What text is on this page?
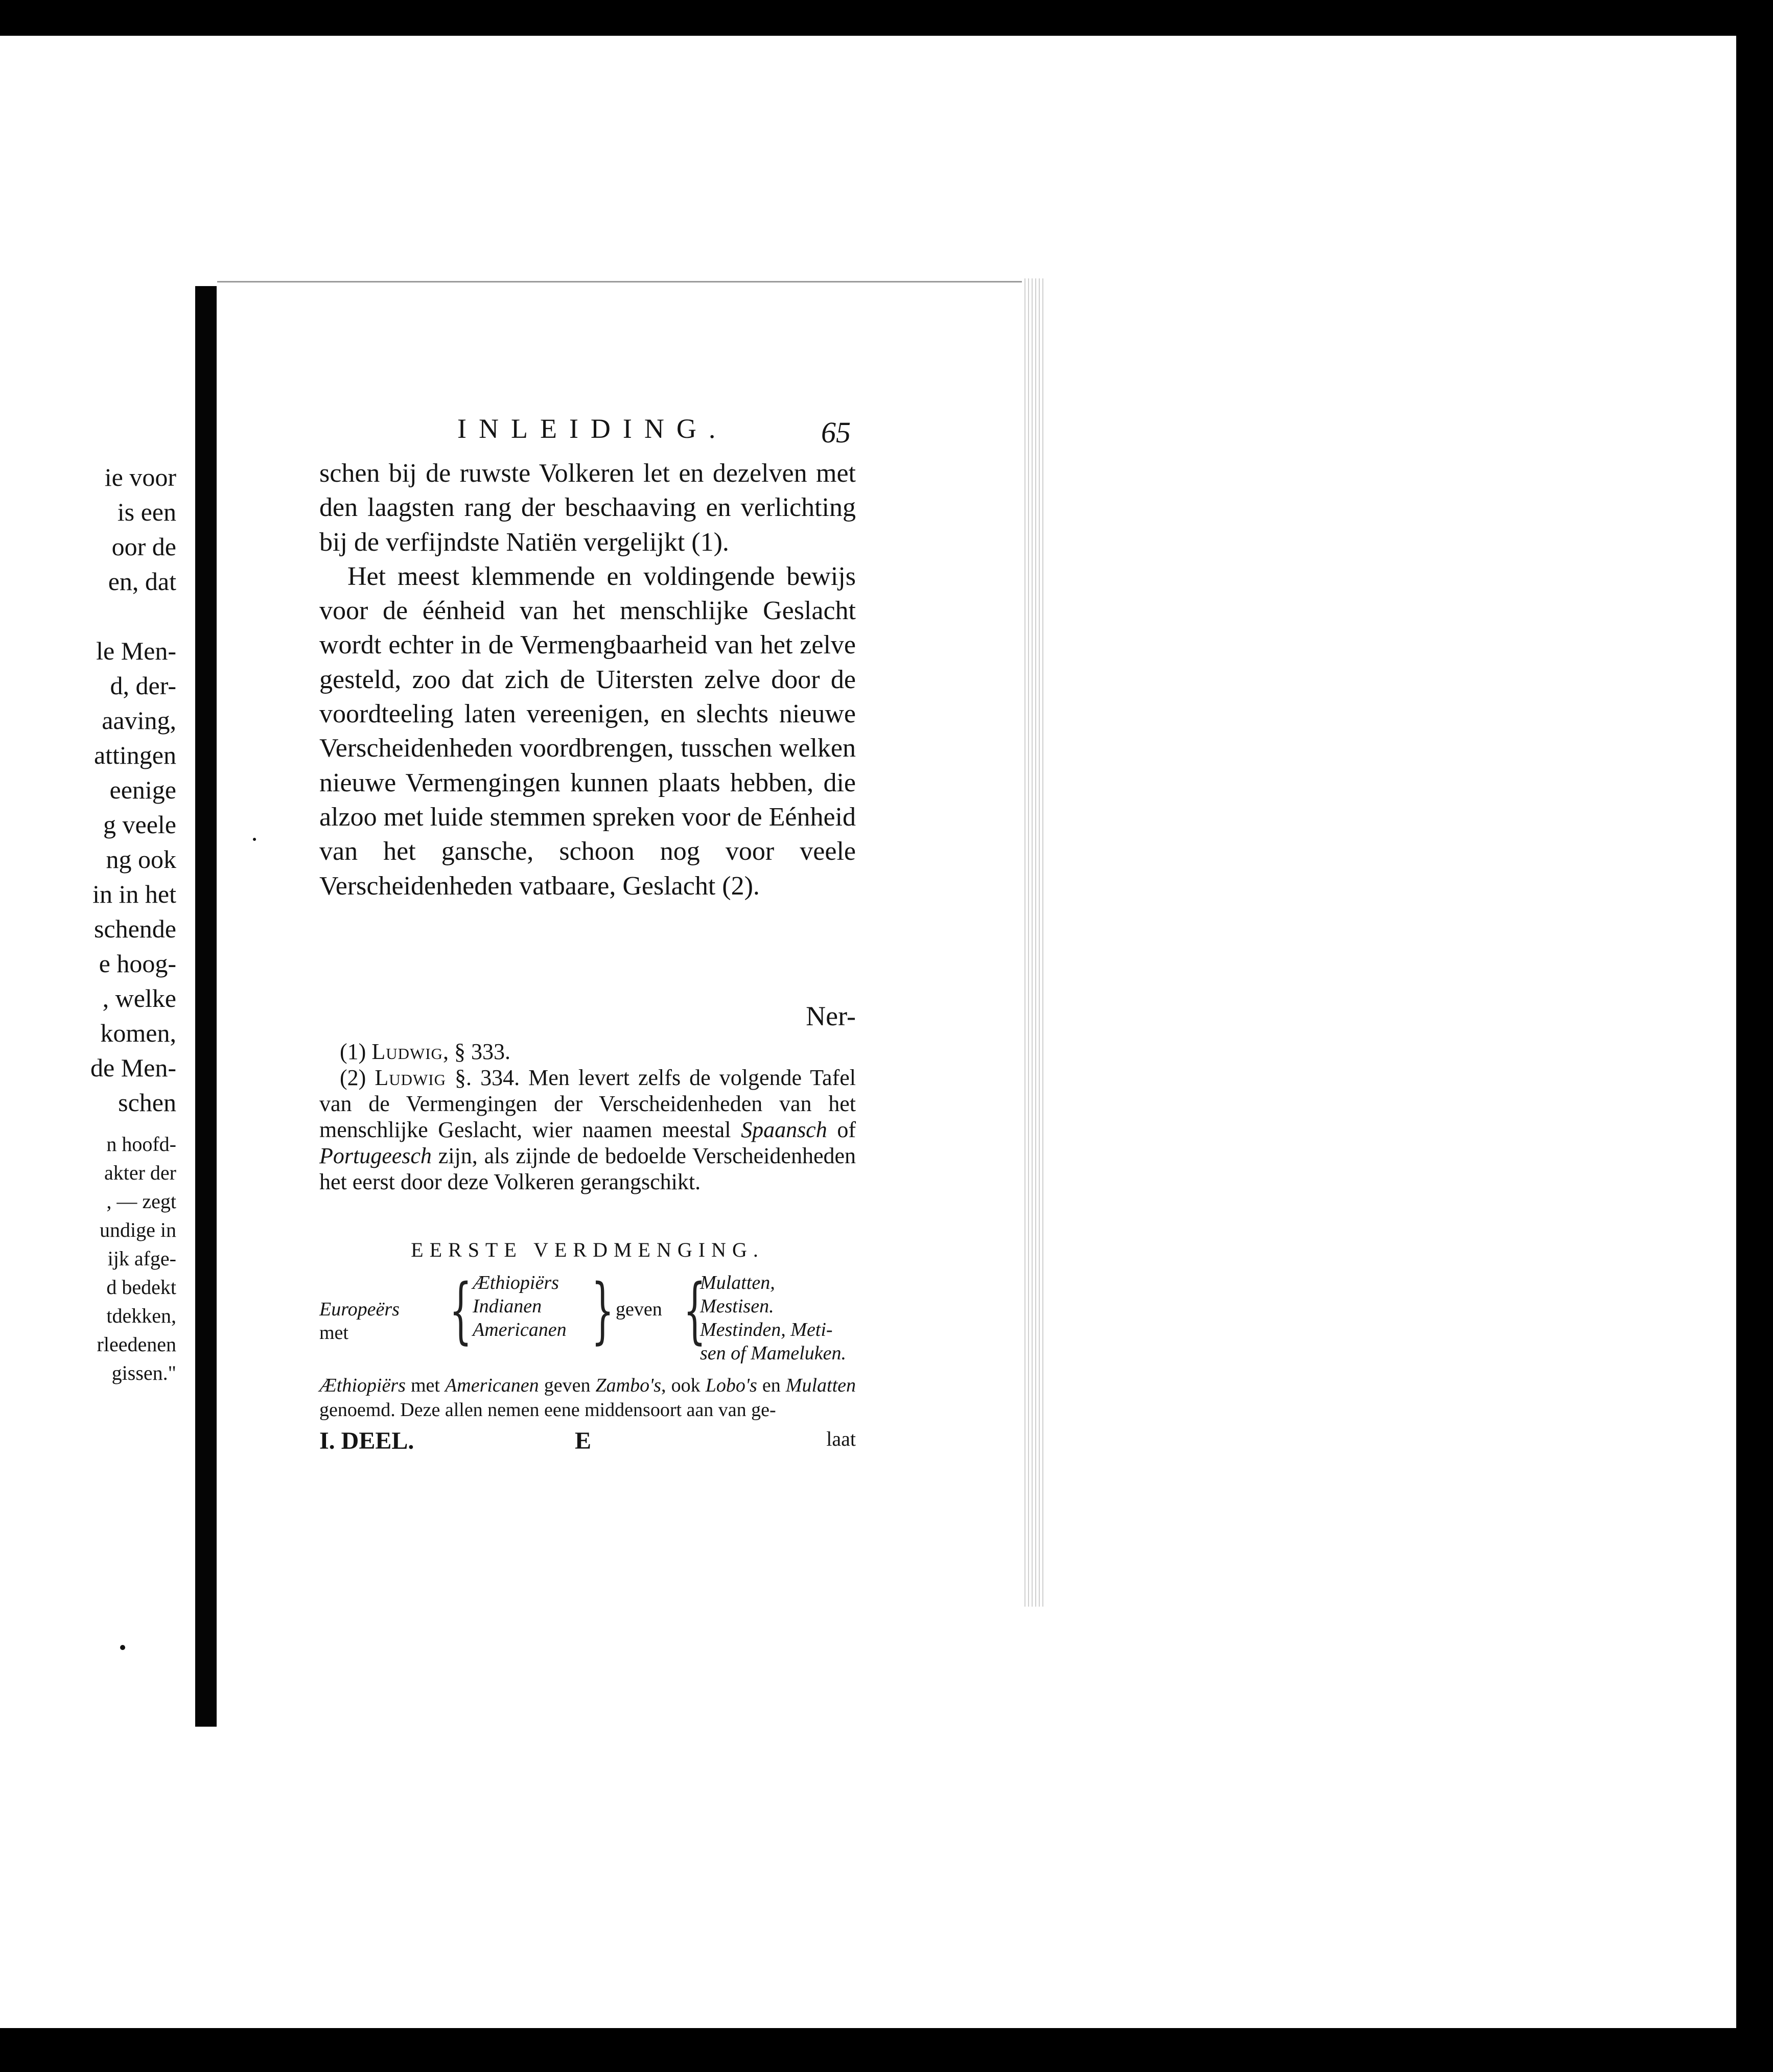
ie voor
is een
oor de
en, dat
le Men-
d, der-
aaving,
attingen
eenige
g veele
ng ook
in in het
schende
e hoog-
, welke
komen,
de Men-
schen
n hoofd-
akter der
, — zegt
undige in
ijk afge-
d bedekt
tdekken,
rleedenen
gissen."
INLEIDING.	65

schen bij de ruwste Volkeren let en dezelven met den laagsten rang der beschaaving en verlichting bij de verfijndste Natiën vergelijkt (1).

Het meest klemmende en voldingende bewijs voor de éénheid van het menschlijke Geslacht wordt echter in de Vermengbaarheid van het zelve gesteld, zoo dat zich de Uitersten zelve door de voordteeling laten vereenigen, en slechts nieuwe Verscheidenheden voordbrengen, tusschen welken nieuwe Vermengingen kunnen plaats hebben, die alzoo met luide stemmen spreken voor de Eénheid van het gansche, schoon nog voor veele Verscheidenheden vatbaare, Geslacht (2).

Ner-

(1) Ludwig, § 333.

(2) Ludwig §. 334. Men levert zelfs de volgende Tafel van de Vermengingen der Verscheidenheden van het menschlijke Geslacht, wier naamen meestal Spaansch of Portugeesch zijn, als zijnde de bedoelde Verscheidenheden het eerst door deze Volkeren gerangschikt.

EERSTE VERDMENGING.
Europeërs
met	{ Æthiopiërs
Indianen
Americanen } geven {
Mulatten,
Mestisen.
Mestinden, Meti-
sen of Mameluken.
Æthiopiërs met Americanen geven Zambo's, ook Lobo's en Mulatten genoemd. Deze allen nemen eene middensoort aan van ge-
I. DEEL.	E	laat
